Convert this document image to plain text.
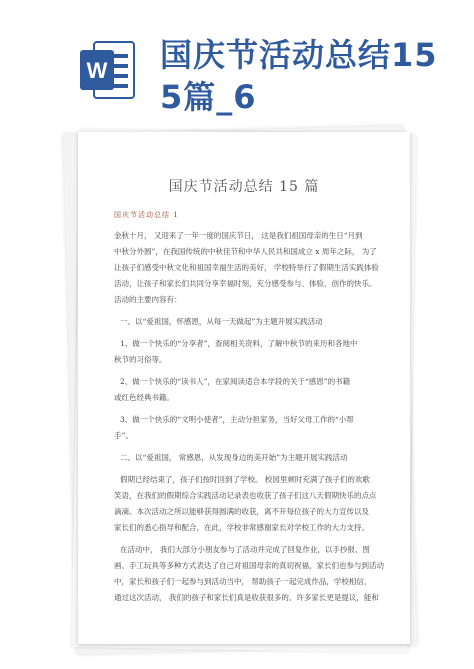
W 国庆节活动总结15
5篇_6
国庆节活动总结 15 篇
国庆节活动总结 1
金秋十月， 又迎来了一年一度的国庆节日， 这是我们祖国母亲的生日“月到
中秋分外圆”，在我国传统的中秋佳节和中华人民共和国成立 x 周年之际， 为了
让孩子们感受中秋文化和祖国幸福生活的美好， 学校特举行了假期生活实践体验
活动，让孩子和家长们共同分享幸福时刻，充分感受参与、体验、创作的快乐。
活动的主要内容有：
一、以“爱祖国，怀感恩，从每一天做起”为主题开展实践活动
1、做一个快乐的“分享者”，查阅相关资料，了解中秋节的来历和各地中
秋节的习俗等。
2、做一个快乐的“读书人”，在家阅读适合本学段的关于“感恩”的书籍
或红色经典书籍。
3、做一个快乐的“文明小使者”，主动分担家务，当好父母工作的“小帮
手”。
二、以“爱祖国， 常感恩，从发现身边的美开始”为主题开展实践活动
假期已经结束了，孩子们按时回到了学校。 校园里顿时充满了孩子们的欢歌
笑语，在我们的假期综合实践活动记录表也收获了孩子们这八天假期快乐的点点
滴滴。本次活动之所以能够获得圆满的收获，离不开每位孩子的大力宣传以及
家长们的悉心指导和配合，在此，学校非常感谢家长对学校工作的大力支持。
在活动中， 我们大部分小朋友参与了活动并完成了回复作业，以手抄报、图
画、手工玩具等多种方式表达了自己对祖国母亲的真切祝福，家长们也参与到活动
中，家长和孩子们一起参与到活动当中， 帮助孩子一起完成作品，学校相信，
通过这次活动， 我们的孩子和家长们真是收获很多的。许多家长更是提议，能和
